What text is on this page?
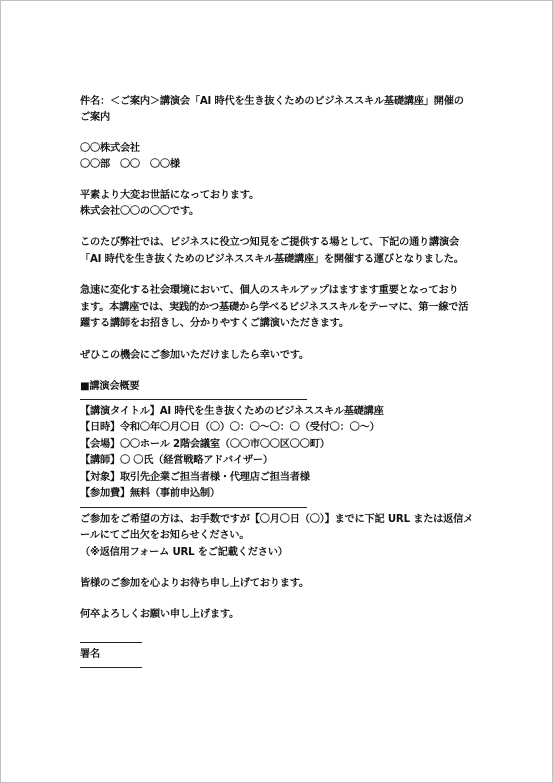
件名：＜ご案内＞講演会「AI 時代を生き抜くためのビジネススキル基礎講座」開催の
ご案内
〇〇株式会社
〇〇部　〇〇　〇〇様
平素より大変お世話になっております。
株式会社〇〇の〇〇です。
このたび弊社では、ビジネスに役立つ知見をご提供する場として、下記の通り講演会
「AI 時代を生き抜くためのビジネススキル基礎講座」を開催する運びとなりました。
急速に変化する社会環境において、個人のスキルアップはますます重要となっており
ます。本講座では、実践的かつ基礎から学べるビジネススキルをテーマに、第一線で活
躍する講師をお招きし、分かりやすくご講演いただきます。
ぜひこの機会にご参加いただけましたら幸いです。
■講演会概要
【講演タイトル】AI 時代を生き抜くためのビジネススキル基礎講座
【日時】令和〇年〇月〇日（〇）〇：〇～〇：〇（受付〇：〇～）
【会場】〇〇ホール 2階会議室（〇〇市〇〇区〇〇町）
【講師】〇 〇氏（経営戦略アドバイザー）
【対象】取引先企業ご担当者様・代理店ご担当者様
【参加費】無料（事前申込制）
ご参加をご希望の方は、お手数ですが【〇月〇日（〇）】までに下記 URL または返信メ
ールにてご出欠をお知らせください。
（※返信用フォーム URL をご記載ください）
皆様のご参加を心よりお待ち申し上げております。
何卒よろしくお願い申し上げます。
署名
